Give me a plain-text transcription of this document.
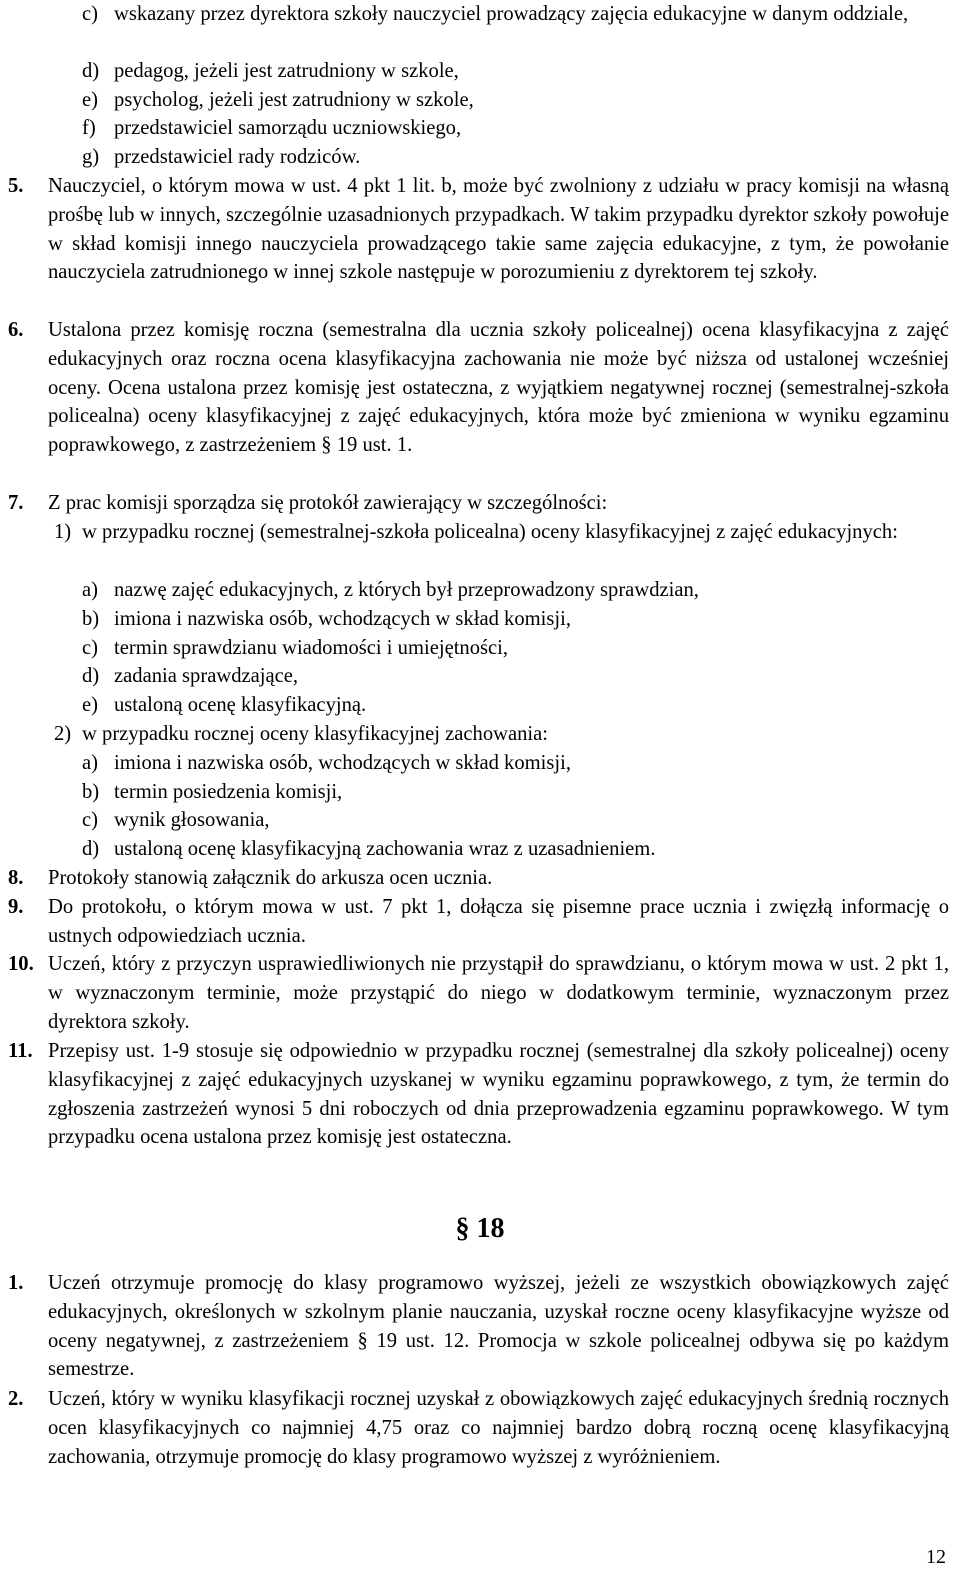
c) wskazany przez dyrektora szkoły nauczyciel prowadzący zajęcia edukacyjne w danym oddziale,
d) pedagog, jeżeli jest zatrudniony w szkole,
e) psycholog, jeżeli jest zatrudniony w szkole,
f) przedstawiciel samorządu uczniowskiego,
g) przedstawiciel rady rodziców.
5. Nauczyciel, o którym mowa w ust. 4 pkt 1 lit. b, może być zwolniony z udziału w pracy komisji na własną prośbę lub w innych, szczególnie uzasadnionych przypadkach. W takim przypadku dyrektor szkoły powołuje w skład komisji innego nauczyciela prowadzącego takie same zajęcia edukacyjne, z tym, że powołanie nauczyciela zatrudnionego w innej szkole następuje w porozumieniu z dyrektorem tej szkoły.
6. Ustalona przez komisję roczna (semestralna dla ucznia szkoły policealnej) ocena klasyfikacyjna z zajęć edukacyjnych oraz roczna ocena klasyfikacyjna zachowania nie może być niższa od ustalonej wcześniej oceny. Ocena ustalona przez komisję jest ostateczna, z wyjątkiem negatywnej rocznej (semestralnej-szkoła policealna) oceny klasyfikacyjnej z zajęć edukacyjnych, która może być zmieniona w wyniku egzaminu poprawkowego, z zastrzeżeniem § 19 ust. 1.
7. Z prac komisji sporządza się protokół zawierający w szczególności:
1) w przypadku rocznej (semestralnej-szkoła policealna) oceny klasyfikacyjnej z zajęć edukacyjnych:
a) nazwę zajęć edukacyjnych, z których był przeprowadzony sprawdzian,
b) imiona i nazwiska osób, wchodzących w skład komisji,
c) termin sprawdzianu wiadomości i umiejętności,
d) zadania sprawdzające,
e) ustaloną ocenę klasyfikacyjną.
2) w przypadku rocznej oceny klasyfikacyjnej zachowania:
a) imiona i nazwiska osób, wchodzących w skład komisji,
b) termin posiedzenia komisji,
c) wynik głosowania,
d) ustaloną ocenę klasyfikacyjną zachowania wraz z uzasadnieniem.
8. Protokoły stanowią załącznik do arkusza ocen ucznia.
9. Do protokołu, o którym mowa w ust. 7 pkt 1, dołącza się pisemne prace ucznia i zwięzłą informację o ustnych odpowiedziach ucznia.
10. Uczeń, który z przyczyn usprawiedliwionych nie przystąpił do sprawdzianu, o którym mowa w ust. 2 pkt 1, w wyznaczonym terminie, może przystąpić do niego w dodatkowym terminie, wyznaczonym przez dyrektora szkoły.
11. Przepisy ust. 1-9 stosuje się odpowiednio w przypadku rocznej (semestralnej dla szkoły policealnej) oceny klasyfikacyjnej z zajęć edukacyjnych uzyskanej w wyniku egzaminu poprawkowego, z tym, że termin do zgłoszenia zastrzeżeń wynosi 5 dni roboczych od dnia przeprowadzenia egzaminu poprawkowego. W tym przypadku ocena ustalona przez komisję jest ostateczna.
§ 18
1. Uczeń otrzymuje promocję do klasy programowo wyższej, jeżeli ze wszystkich obowiązkowych zajęć edukacyjnych, określonych w szkolnym planie nauczania, uzyskał roczne oceny klasyfikacyjne wyższe od oceny negatywnej, z zastrzeżeniem § 19 ust. 12. Promocja w szkole policealnej odbywa się po każdym semestrze.
2. Uczeń, który w wyniku klasyfikacji rocznej uzyskał z obowiązkowych zajęć edukacyjnych średnią rocznych ocen klasyfikacyjnych co najmniej 4,75 oraz co najmniej bardzo dobrą roczną ocenę klasyfikacyjną zachowania, otrzymuje promocję do klasy programowo wyższej z wyróżnieniem.
12
